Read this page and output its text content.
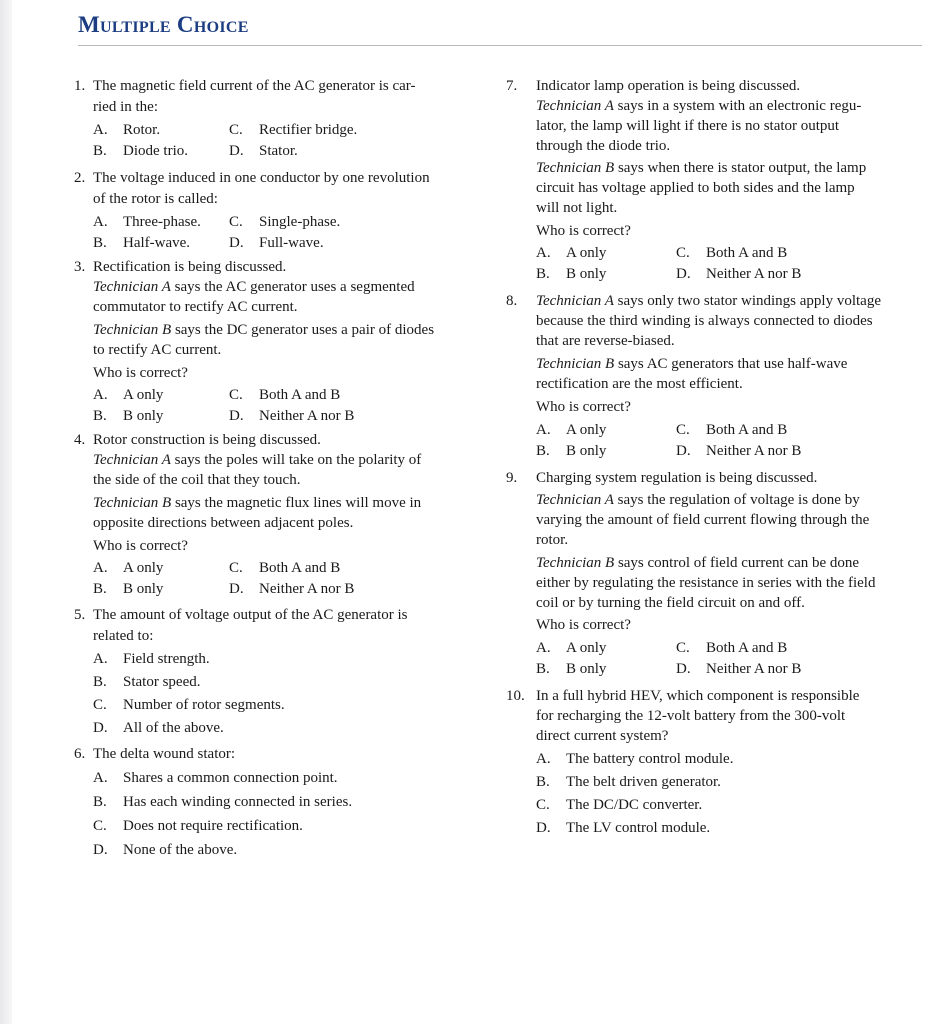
Multiple Choice
1. The magnetic field current of the AC generator is car-
ried in the:
A.	Rotor.	C.	Rectifier bridge.
B.	Diode trio.	D.	Stator.
2. The voltage induced in one conductor by one revolution
of the rotor is called:
A.	Three-phase. C.	Single-phase.
B.	Half-wave.	D.	Full-wave.
3. Rectification is being discussed.
Technician A says the AC generator uses a segmented
commutator to rectify AC current.
Technician B says the DC generator uses a pair of diodes
to rectify AC current.
Who is correct?
A.	A only	C.	Both A and B
B.	B only	D.	Neither A nor B
4. Rotor construction is being discussed.
Technician A says the poles will take on the polarity of
the side of the coil that they touch.
Technician B says the magnetic flux lines will move in
opposite directions between adjacent poles.
Who is correct?
A.	A only	C.	Both A and B
B.	B only	D.	Neither A nor B
5. The amount of voltage output of the AC generator is
related to:
A.	Field strength.
B.	Stator speed.
C.	Number of rotor segments.
D.	All of the above.
6. The delta wound stator:
A.	Shares a common connection point.
B.	Has each winding connected in series.
C.	Does not require rectification.
D.	None of the above.
7. Indicator lamp operation is being discussed.
Technician A says in a system with an electronic regu-
lator, the lamp will light if there is no stator output
through the diode trio.
Technician B says when there is stator output, the lamp
circuit has voltage applied to both sides and the lamp
will not light.
Who is correct?
A.	A only	C.	Both A and B
B.	B only	D.	Neither A nor B
8. Technician A says only two stator windings apply voltage
because the third winding is always connected to diodes
that are reverse-biased.
Technician B says AC generators that use half-wave
rectification are the most efficient.
Who is correct?
A.	A only	C.	Both A and B
B.	B only	D.	Neither A nor B
9. Charging system regulation is being discussed.
Technician A says the regulation of voltage is done by
varying the amount of field current flowing through the
rotor.
Technician B says control of field current can be done
either by regulating the resistance in series with the field
coil or by turning the field circuit on and off.
Who is correct?
A.	A only	C.	Both A and B
B.	B only	D.	Neither A nor B
10. In a full hybrid HEV, which component is responsible
for recharging the 12-volt battery from the 300-volt
direct current system?
A.	The battery control module.
B.	The belt driven generator.
C.	The DC/DC converter.
D.	The LV control module.
